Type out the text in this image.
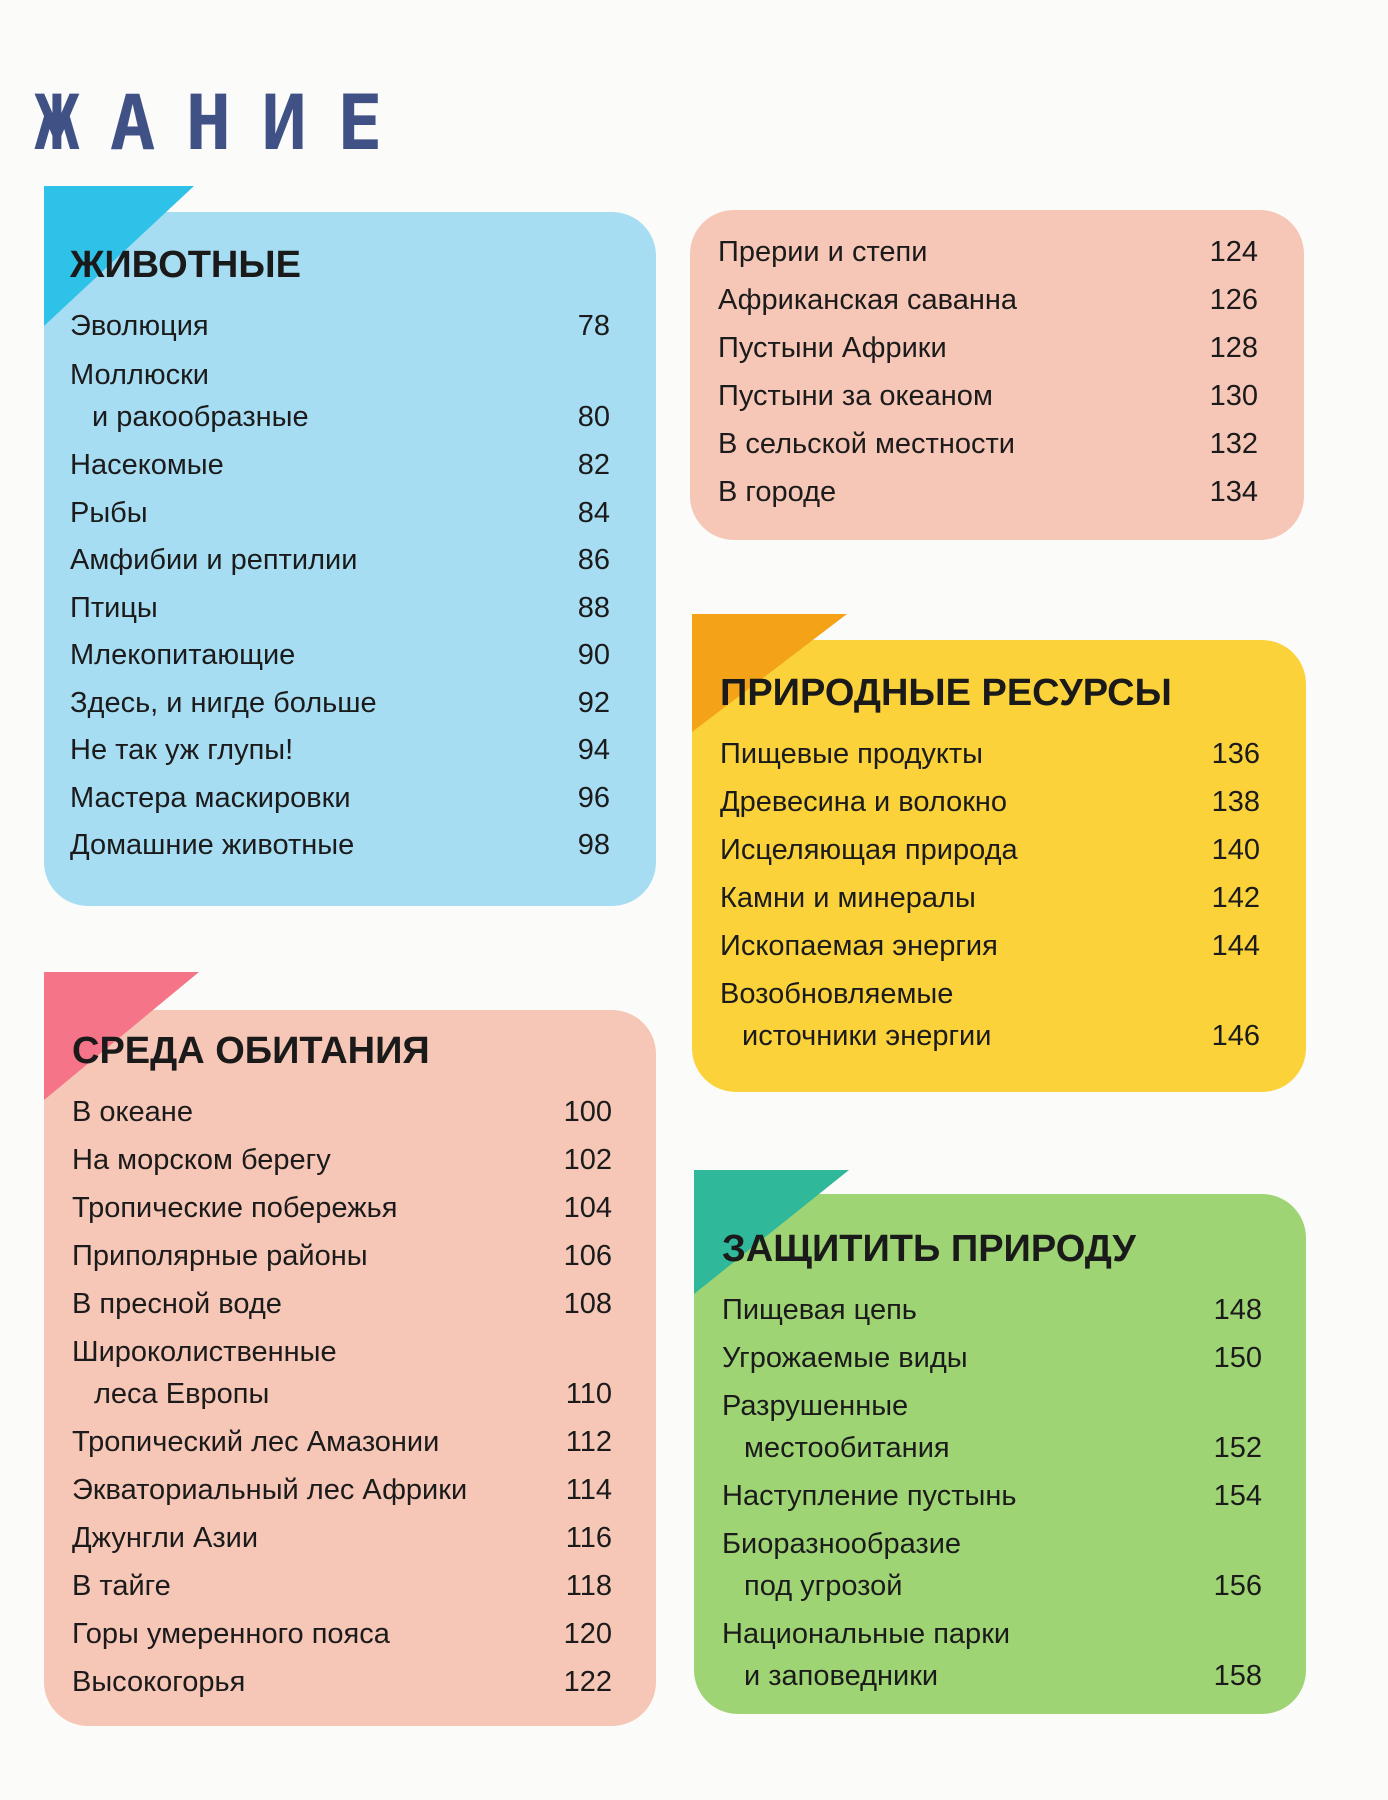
ЖАНИЕ
ЖИВОТНЫЕ
Эволюция	78
Моллюски
и ракообразные	80
Насекомые	82
Рыбы	84
Амфибии и рептилии	86
Птицы	88
Млекопитающие	90
Здесь, и нигде больше	92
Не так уж глупы!	94
Мастера маскировки	96
Домашние животные	98
СРЕДА ОБИТАНИЯ
В океане	100
На морском берегу	102
Тропические побережья	104
Приполярные районы	106
В пресной воде	108
Широколиственные
леса Европы	110
Тропический лес Амазонии	112
Экваториальный лес Африки	114
Джунгли Азии	116
В тайге	118
Горы умеренного пояса	120
Высокогорья	122
Прерии и степи	124
Африканская саванна	126
Пустыни Африки	128
Пустыни за океаном	130
В сельской местности	132
В городе	134
ПРИРОДНЫЕ РЕСУРСЫ
Пищевые продукты	136
Древесина и волокно	138
Исцеляющая природа	140
Камни и минералы	142
Ископаемая энергия	144
Возобновляемые
источники энергии	146
ЗАЩИТИТЬ ПРИРОДУ
Пищевая цепь	148
Угрожаемые виды	150
Разрушенные
местообитания	152
Наступление пустынь	154
Биоразнообразие
под угрозой	156
Национальные парки
и заповедники	158
